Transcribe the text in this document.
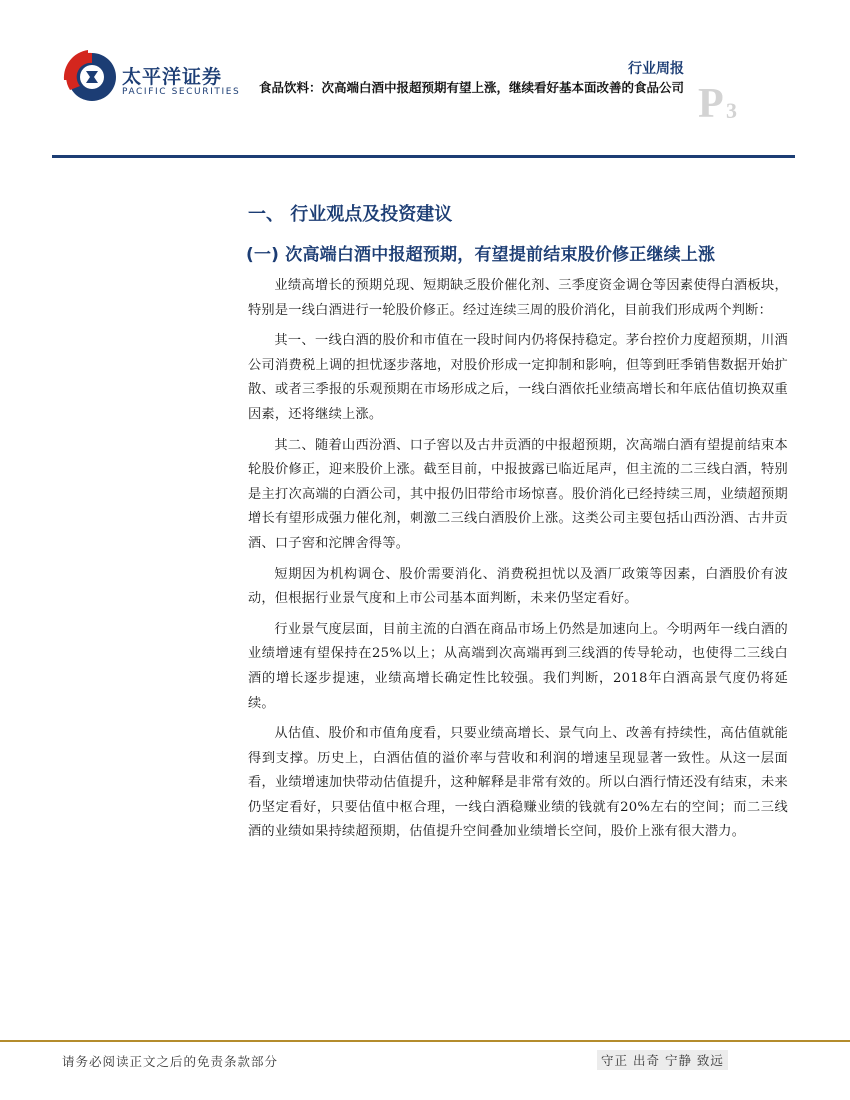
太平洋证券
PACIFIC SECURITIES
行业周报
食品饮料：次高端白酒中报超预期有望上涨，继续看好基本面改善的食品公司 P 3
一、 行业观点及投资建议
(一) 次高端白酒中报超预期，有望提前结束股价修正继续上涨

业绩高增长的预期兑现、短期缺乏股价催化剂、三季度资金调仓等因素使得白酒板块，特别是一线白酒进行一轮股价修正。经过连续三周的股价消化，目前我们形成两个判断：

其一、一线白酒的股价和市值在一段时间内仍将保持稳定。茅台控价力度超预期，川酒公司消费税上调的担忧逐步落地，对股价形成一定抑制和影响，但等到旺季销售数据开始扩散、或者三季报的乐观预期在市场形成之后，一线白酒依托业绩高增长和年底估值切换双重因素，还将继续上涨。

其二、随着山西汾酒、口子窖以及古井贡酒的中报超预期，次高端白酒有望提前结束本轮股价修正，迎来股价上涨。截至目前，中报披露已临近尾声，但主流的二三线白酒，特别是主打次高端的白酒公司，其中报仍旧带给市场惊喜。股价消化已经持续三周，业绩超预期增长有望形成强力催化剂，刺激二三线白酒股价上涨。这类公司主要包括山西汾酒、古井贡酒、口子窖和沱牌舍得等。

短期因为机构调仓、股价需要消化、消费税担忧以及酒厂政策等因素，白酒股价有波动，但根据行业景气度和上市公司基本面判断，未来仍坚定看好。

行业景气度层面，目前主流的白酒在商品市场上仍然是加速向上。今明两年一线白酒的业绩增速有望保持在25%以上；从高端到次高端再到三线酒的传导轮动，也使得二三线白酒的增长逐步提速，业绩高增长确定性比较强。我们判断，2018年白酒高景气度仍将延续。

从估值、股价和市值角度看，只要业绩高增长、景气向上、改善有持续性，高估值就能得到支撑。历史上，白酒估值的溢价率与营收和利润的增速呈现显著一致性。从这一层面看，业绩增速加快带动估值提升，这种解释是非常有效的。所以白酒行情还没有结束，未来仍坚定看好，只要估值中枢合理，一线白酒稳赚业绩的钱就有20%左右的空间；而二三线酒的业绩如果持续超预期，估值提升空间叠加业绩增长空间，股价上涨有很大潜力。

请务必阅读正文之后的免责条款部分	守正 出奇 宁静 致远
